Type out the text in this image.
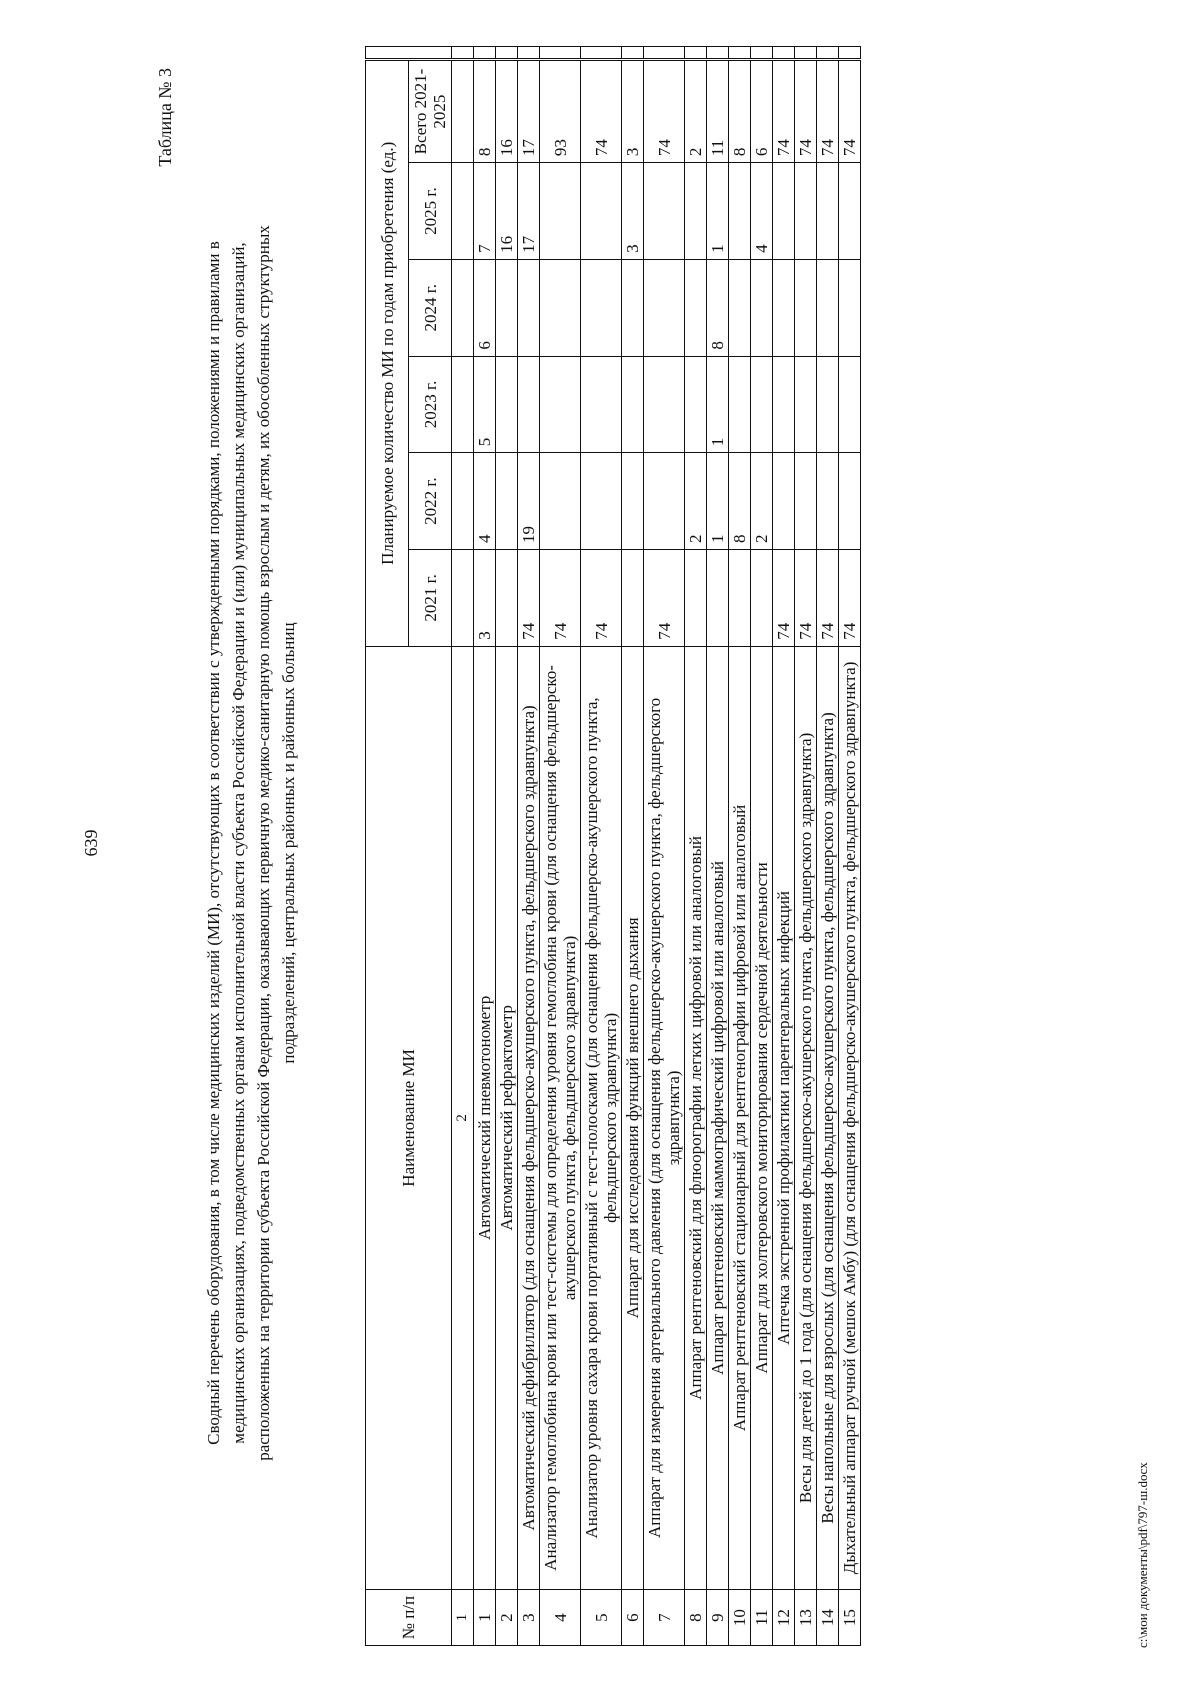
639
Таблица № 3
Сводный перечень оборудования, в том числе медицинских изделий (МИ), отсутствующих в соответствии с утвержденными порядками, положениями и правилами в медицинских организациях, подведомственных органам исполнительной власти субъекта Российской Федерации и (или) муниципальных медицинских организаций, расположенных на территории субъекта Российской Федерации, оказывающих первичную медико-санитарную помощь взрослым и детям, их обособленных структурных подразделений, центральных районных и районных больниц
№ п/п	Наименование МИ	Планируемое количество МИ по годам приобретения (ед.)						
		2021 г.	2022 г.	2023 г.	2024 г.	2025 г.	Всего 2021-2025	
1	2							
1	Автоматический пневмотонометр	3	4	5	6	7	8	
2	Автоматический рефрактометр					16	16	
3	Автоматический дефибриллятор (для оснащения фельдшерско-акушерского пункта, фельдшерского здравпункта)	74	19			17	17	
4	Анализатор гемоглобина крови или тест-системы для определения уровня гемоглобина крови (для оснащения фельдшерско-акушерского пункта, фельдшерского здравпункта)	74					93	
5	Анализатор уровня сахара крови портативный с тест-полосками (для оснащения фельдшерско-акушерского пункта, фельдшерского здравпункта)	74					74	
6	Аппарат для исследования функций внешнего дыхания					3	3	
7	Аппарат для измерения артериального давления (для оснащения фельдшерско-акушерского пункта, фельдшерского здравпункта)	74					74	
8	Аппарат рентгеновский для флюорографии легких цифровой или аналоговый		2				2	
9	Аппарат рентгеновский маммографический цифровой или аналоговый		1	1	8	1	11	
10	Аппарат рентгеновский стационарный для рентгенографии цифровой или аналоговый		8				8	
11	Аппарат для холтеровского мониторирования сердечной деятельности		2			4	6	
12	Аптечка экстренной профилактики парентеральных инфекций	74					74	
13	Весы для детей до 1 года (для оснащения фельдшерско-акушерского пункта, фельдшерского здравпункта)	74					74	
14	Весы напольные для взрослых (для оснащения фельдшерско-акушерского пункта, фельдшерского здравпункта)	74					74	
15	Дыхательный аппарат ручной (мешок Амбу) (для оснащения фельдшерско-акушерского пункта, фельдшерского здравпункта)	74					74	
c:\мои документы\pdf\797-ш.docx
